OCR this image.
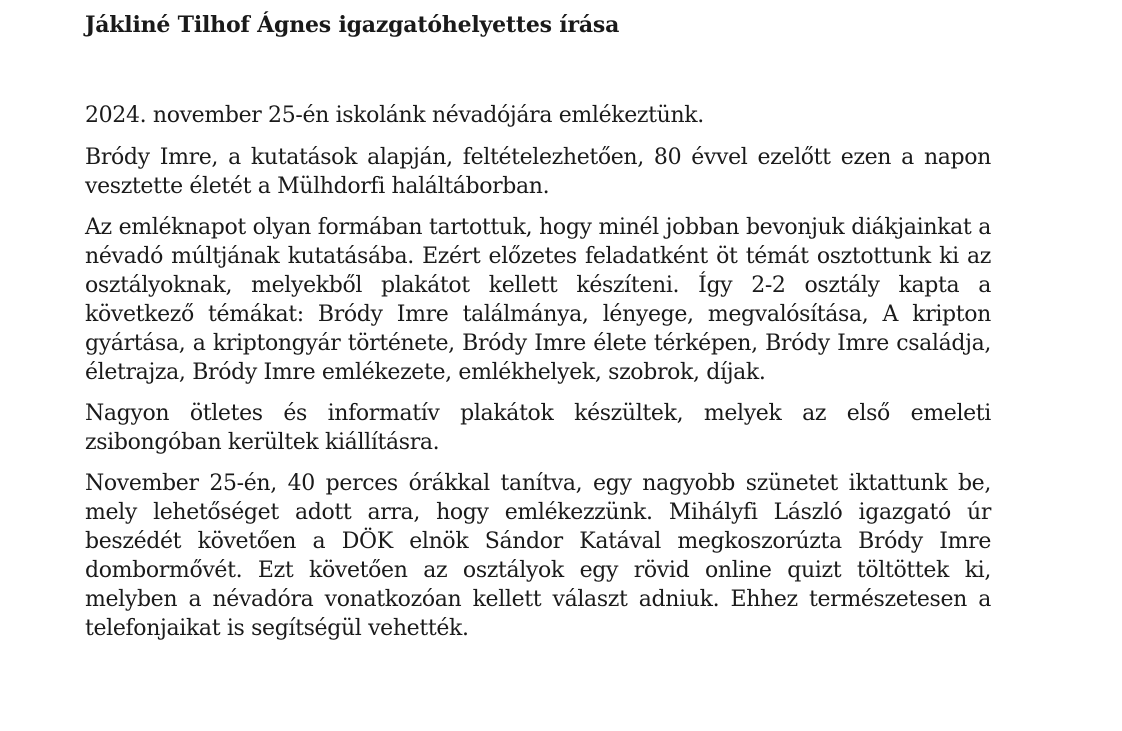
Jákliné Tilhof Ágnes igazgatóhelyettes írása

2024. november 25-én iskolánk névadójára emlékeztünk.

Bródy Imre, a kutatások alapján, feltételezhetően, 80 évvel ezelőtt ezen a napon vesztette életét a Mülhdorfi haláltáborban.

Az emléknapot olyan formában tartottuk, hogy minél jobban bevonjuk diákjainkat a névadó múltjának kutatásába. Ezért előzetes feladatként öt témát osztottunk ki az osztályoknak, melyekből plakátot kellett készíteni. Így 2-2 osztály kapta a következő témákat: Bródy Imre találmánya, lényege, megvalósítása, A kripton gyártása, a kriptongyár története, Bródy Imre élete térképen, Bródy Imre családja, életrajza, Bródy Imre emlékezete, emlékhelyek, szobrok, díjak.

Nagyon ötletes és informatív plakátok készültek, melyek az első emeleti zsibongóban kerültek kiállításra.

November 25-én, 40 perces órákkal tanítva, egy nagyobb szünetet iktattunk be, mely lehetőséget adott arra, hogy emlékezzünk. Mihályfi László igazgató úr beszédét követően a DÖK elnök Sándor Katával megkoszorúzta Bródy Imre dombormővét. Ezt követően az osztályok egy rövid online quizt töltöttek ki, melyben a névadóra vonatkozóan kellett választ adniuk. Ehhez természetesen a telefonjaikat is segítségül vehették.
